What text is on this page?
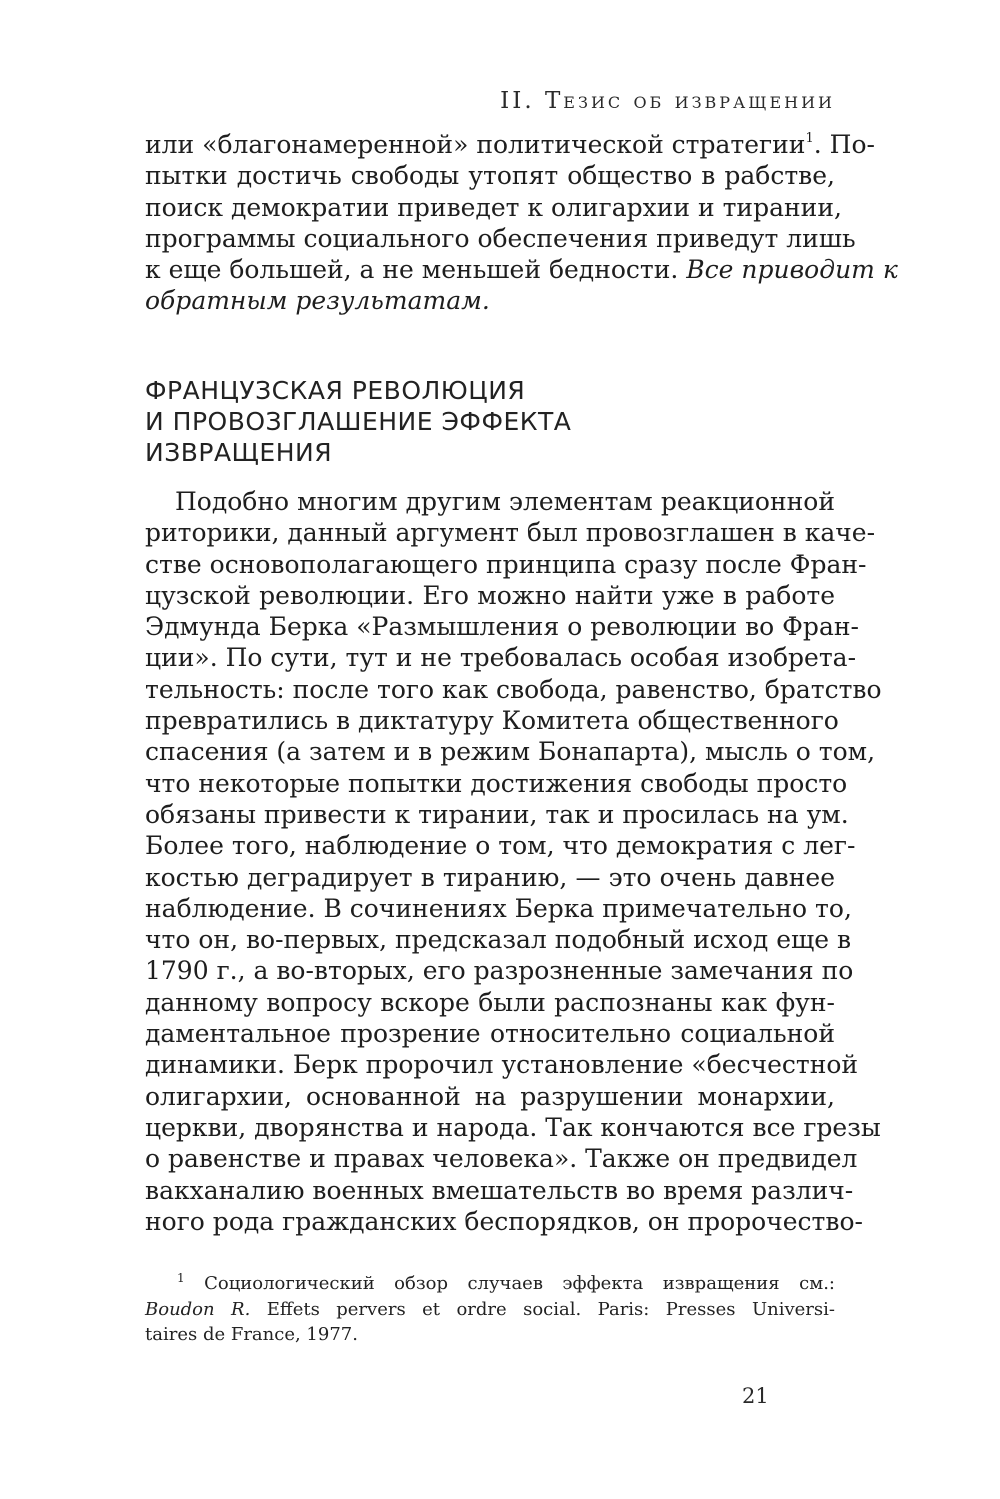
II. Тезис об извращении
или «благонамеренной» политической стратегии$^1$. По-
пытки достичь свободы утопят общество в рабстве,
поиск демократии приведет к олигархии и тирании,
программы социального обеспечения приведут лишь
к еще большей, а не меньшей бедности. Все приводит к
обратным результатам.
ФРАНЦУЗСКАЯ РЕВОЛЮЦИЯ
И ПРОВОЗГЛАШЕНИЕ ЭФФЕКТА
ИЗВРАЩЕНИЯ
Подобно многим другим элементам реакционной
риторики, данный аргумент был провозглашен в каче-
стве основополагающего принципа сразу после Фран-
цузской революции. Его можно найти уже в работе
Эдмунда Берка «Размышления о революции во Фран-
ции». По сути, тут и не требовалась особая изобрета-
тельность: после того как свобода, равенство, братство
превратились в диктатуру Комитета общественного
спасения (а затем и в режим Бонапарта), мысль о том,
что некоторые попытки достижения свободы просто
обязаны привести к тирании, так и просилась на ум.
Более того, наблюдение о том, что демократия с лег-
костью деградирует в тиранию, — это очень давнее
наблюдение. В сочинениях Берка примечательно то,
что он, во-первых, предсказал подобный исход еще в
1790 г., а во-вторых, его разрозненные замечания по
данному вопросу вскоре были распознаны как фун-
даментальное прозрение относительно социальной
динамики. Берк пророчил установление «бесчестной
олигархии, основанной на разрушении монархии,
церкви, дворянства и народа. Так кончаются все грезы
о равенстве и правах человека». Также он предвидел
вакханалию военных вмешательств во время различ-
ного рода гражданских беспорядков, он пророчество-
$^1$ Социологический обзор случаев эффекта извращения см.:
Boudon R. Effets pervers et ordre social. Paris: Presses Universi-
taires de France, 1977.
21
